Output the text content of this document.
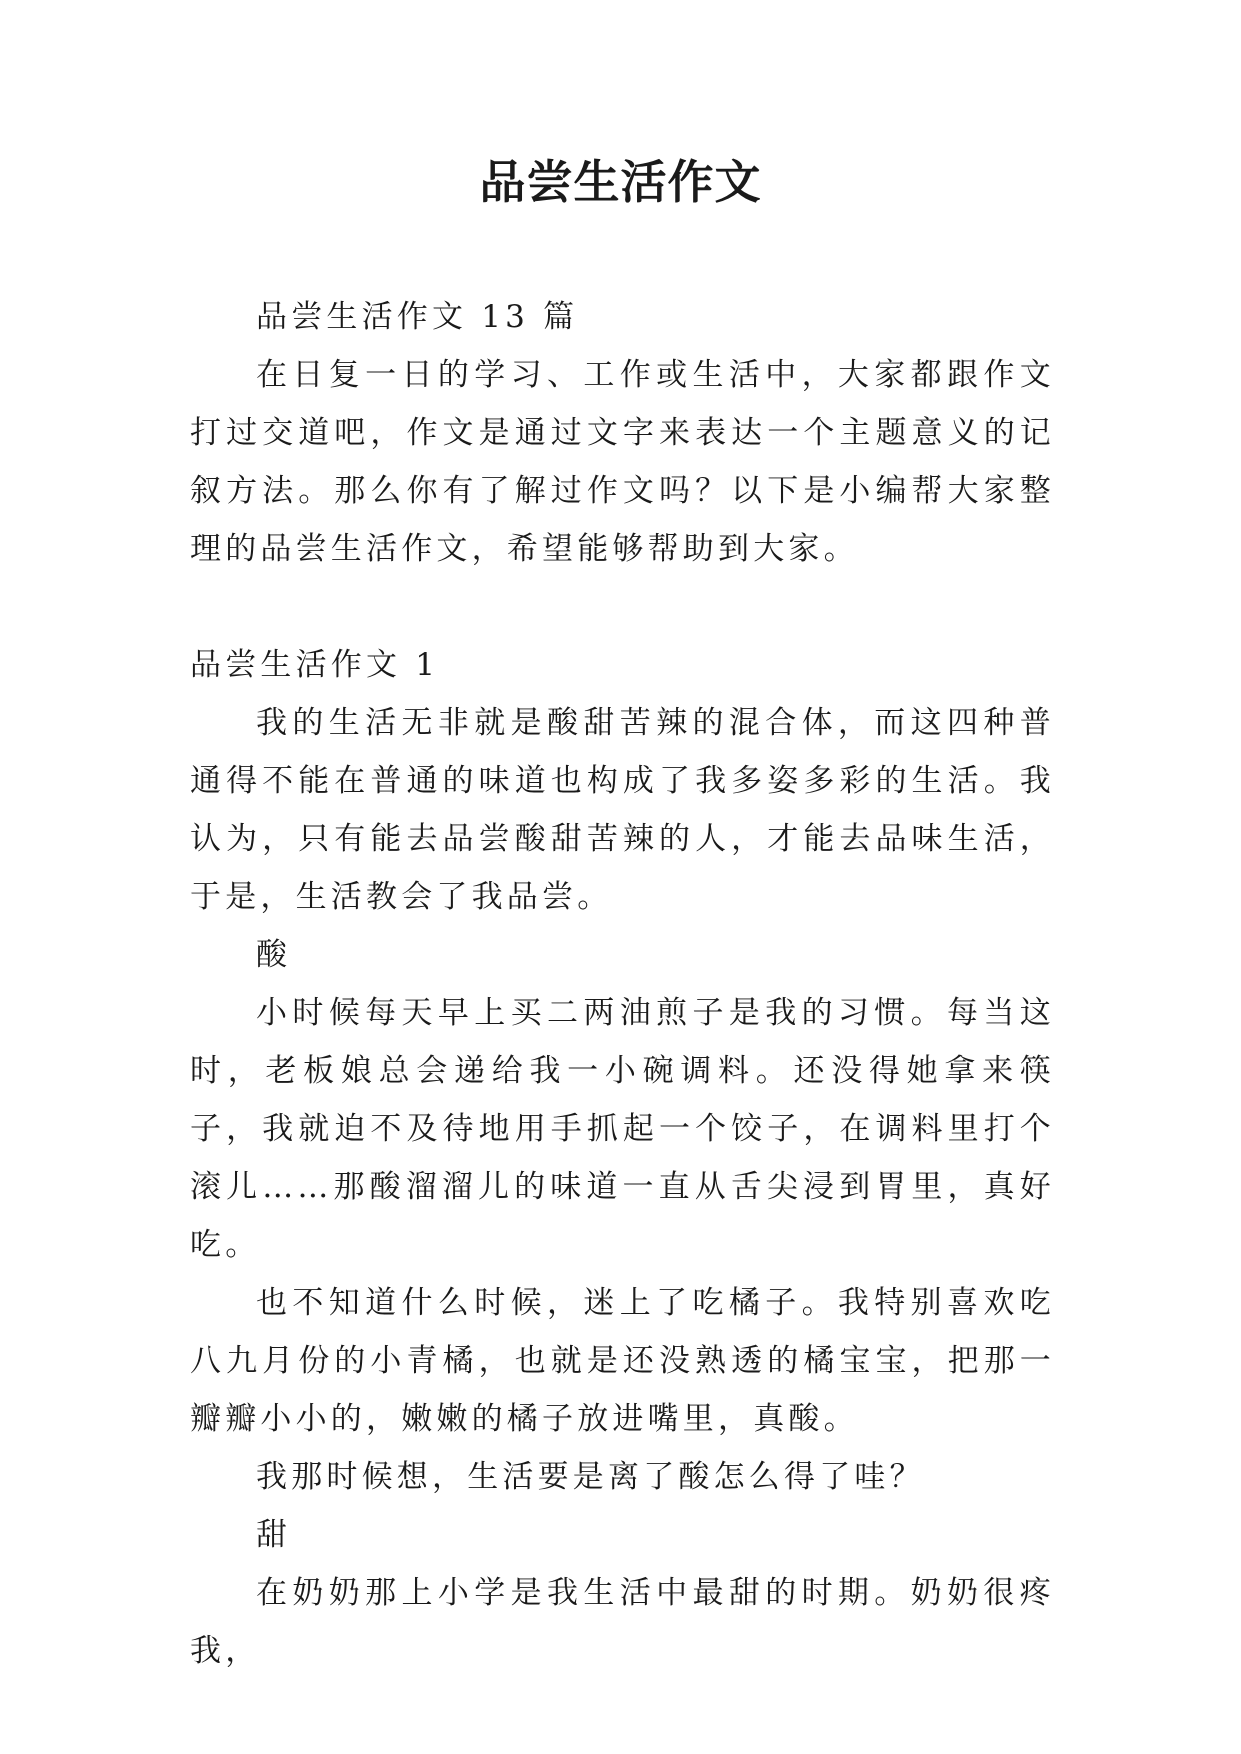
品尝生活作文

品尝生活作文 13 篇

在日复一日的学习、工作或生活中，大家都跟作文打过交道吧，作文是通过文字来表达一个主题意义的记叙方法。那么你有了解过作文吗？以下是小编帮大家整理的品尝生活作文，希望能够帮助到大家。

品尝生活作文 1

我的生活无非就是酸甜苦辣的混合体，而这四种普通得不能在普通的味道也构成了我多姿多彩的生活。我认为，只有能去品尝酸甜苦辣的人，才能去品味生活，于是，生活教会了我品尝。

酸

小时候每天早上买二两油煎子是我的习惯。每当这时，老板娘总会递给我一小碗调料。还没得她拿来筷子，我就迫不及待地用手抓起一个饺子，在调料里打个滚儿……那酸溜溜儿的味道一直从舌尖浸到胃里，真好吃。

也不知道什么时候，迷上了吃橘子。我特别喜欢吃八九月份的小青橘，也就是还没熟透的橘宝宝，把那一瓣瓣小小的，嫩嫩的橘子放进嘴里，真酸。

我那时候想，生活要是离了酸怎么得了哇？

甜

在奶奶那上小学是我生活中最甜的时期。奶奶很疼我，
